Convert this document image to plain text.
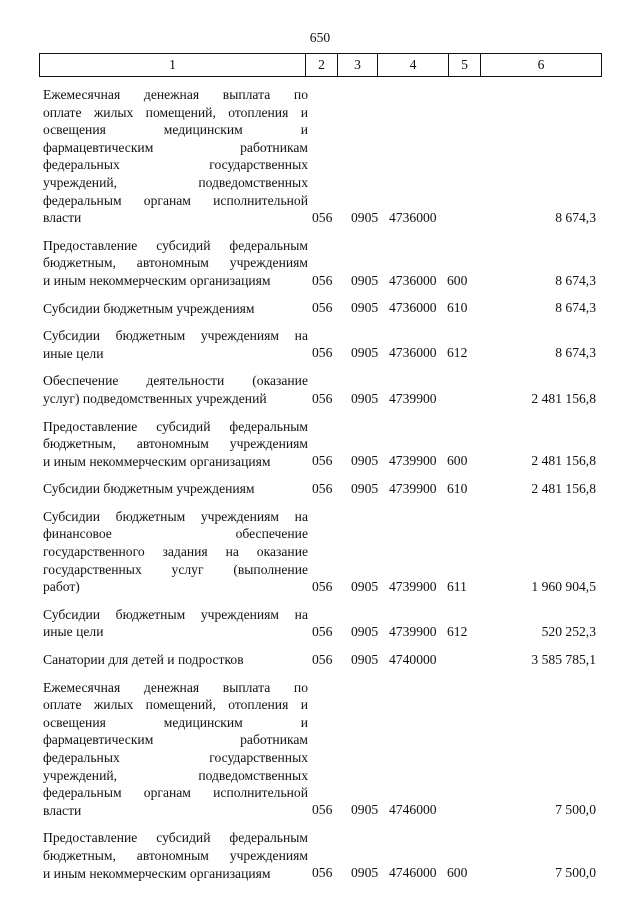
650
1	2	3	4	5	6
Ежемесячная денежная выплата по
оплате жилых помещений, отопления и
освещения медицинским и
фармацевтическим работникам
федеральных государственных
учреждений, подведомственных
федеральным органам исполнительной
власти	056 0905 4736000	8 674,3
Предоставление субсидий федеральным
бюджетным, автономным учреждениям
и иным некоммерческим организациям	056 0905 4736000 600	8 674,3
Субсидии бюджетным учреждениям	056 0905 4736000 610	8 674,3
Субсидии бюджетным учреждениям на
иные цели	056 0905 4736000 612	8 674,3
Обеспечение деятельности (оказание
услуг) подведомственных учреждений	056 0905 4739900	2 481 156,8
Предоставление субсидий федеральным
бюджетным, автономным учреждениям
и иным некоммерческим организациям	056 0905 4739900 600	2 481 156,8
Субсидии бюджетным учреждениям	056 0905 4739900 610	2 481 156,8
Субсидии бюджетным учреждениям на
финансовое обеспечение
государственного задания на оказание
государственных услуг (выполнение
работ)	056 0905 4739900 611	1 960 904,5
Субсидии бюджетным учреждениям на
иные цели	056 0905 4739900 612	520 252,3
Санатории для детей и подростков	056 0905 4740000	3 585 785,1
Ежемесячная денежная выплата по
оплате жилых помещений, отопления и
освещения медицинским и
фармацевтическим работникам
федеральных государственных
учреждений, подведомственных
федеральным органам исполнительной
власти	056 0905 4746000	7 500,0
Предоставление субсидий федеральным
бюджетным, автономным учреждениям
и иным некоммерческим организациям	056 0905 4746000 600	7 500,0
